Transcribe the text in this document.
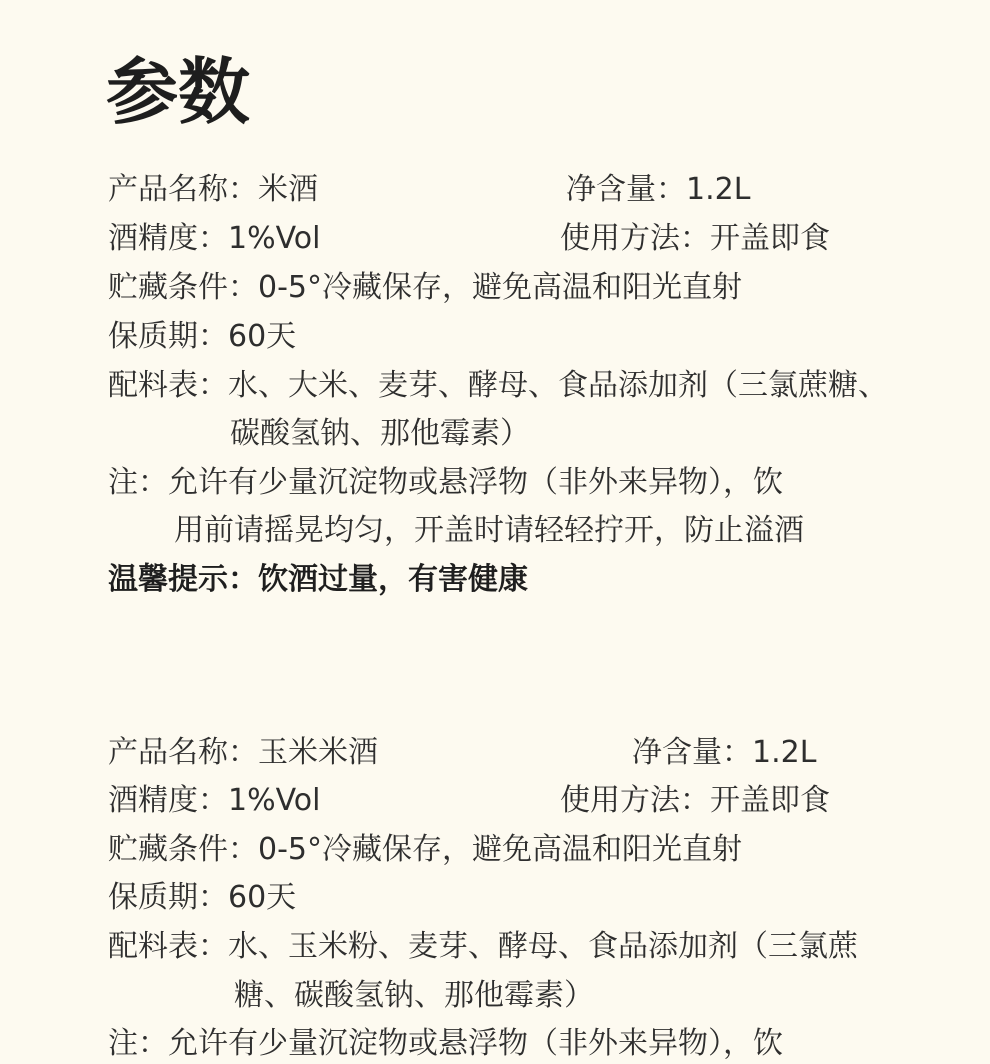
参数
产品名称：米酒	净含量：1.2L
酒精度：1%Vol	使用方法：开盖即食
贮藏条件：0-5°冷藏保存，避免高温和阳光直射
保质期：60天
配料表：水、大米、麦芽、酵母、食品添加剂（三氯蔗糖、
碳酸氢钠、那他霉素）
注：允许有少量沉淀物或悬浮物（非外来异物），饮
用前请摇晃均匀，开盖时请轻轻拧开，防止溢酒
温馨提示：饮酒过量，有害健康
产品名称：玉米米酒	净含量：1.2L
酒精度：1%Vol	使用方法：开盖即食
贮藏条件：0-5°冷藏保存，避免高温和阳光直射
保质期：60天
配料表：水、玉米粉、麦芽、酵母、食品添加剂（三氯蔗
糖、碳酸氢钠、那他霉素）
注：允许有少量沉淀物或悬浮物（非外来异物），饮
